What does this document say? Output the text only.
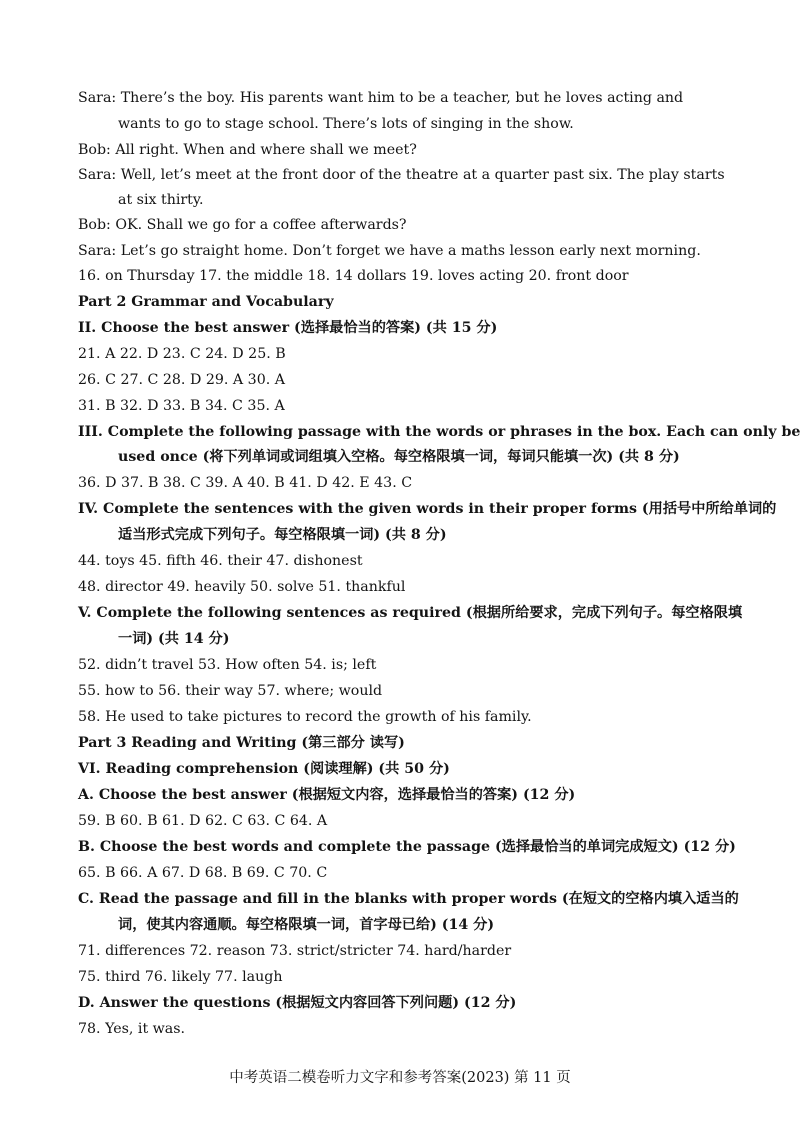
Sara: There’s the boy. His parents want him to be a teacher, but he loves acting and
wants to go to stage school. There’s lots of singing in the show.
Bob: All right. When and where shall we meet?
Sara: Well, let’s meet at the front door of the theatre at a quarter past six. The play starts
at six thirty.
Bob: OK. Shall we go for a coffee afterwards?
Sara: Let’s go straight home. Don’t forget we have a maths lesson early next morning.
16. on Thursday 17. the middle 18. 14 dollars 19. loves acting 20. front door
Part 2 Grammar and Vocabulary
II. Choose the best answer (选择最恰当的答案) (共 15 分)
21. A 22. D 23. C 24. D 25. B
26. C 27. C 28. D 29. A 30. A
31. B 32. D 33. B 34. C 35. A
III. Complete the following passage with the words or phrases in the box. Each can only be
used once (将下列单词或词组填入空格。每空格限填一词，每词只能填一次) (共 8 分)
36. D 37. B 38. C 39. A 40. B 41. D 42. E 43. C
IV. Complete the sentences with the given words in their proper forms (用括号中所给单词的
适当形式完成下列句子。每空格限填一词) (共 8 分)
44. toys 45. fifth 46. their 47. dishonest
48. director 49. heavily 50. solve 51. thankful
V. Complete the following sentences as required (根据所给要求，完成下列句子。每空格限填
一词) (共 14 分)
52. didn’t travel 53. How often 54. is; left
55. how to 56. their way 57. where; would
58. He used to take pictures to record the growth of his family.
Part 3 Reading and Writing (第三部分 读写)
VI. Reading comprehension (阅读理解) (共 50 分)
A. Choose the best answer (根据短文内容，选择最恰当的答案) (12 分)
59. B 60. B 61. D 62. C 63. C 64. A
B. Choose the best words and complete the passage (选择最恰当的单词完成短文) (12 分)
65. B 66. A 67. D 68. B 69. C 70. C
C. Read the passage and fill in the blanks with proper words (在短文的空格内填入适当的
词，使其内容通顺。每空格限填一词，首字母已给) (14 分)
71. differences 72. reason 73. strict/stricter 74. hard/harder
75. third 76. likely 77. laugh
D. Answer the questions (根据短文内容回答下列问题) (12 分)
78. Yes, it was.
中考英语二模卷听力文字和参考答案(2023) 第 11 页
